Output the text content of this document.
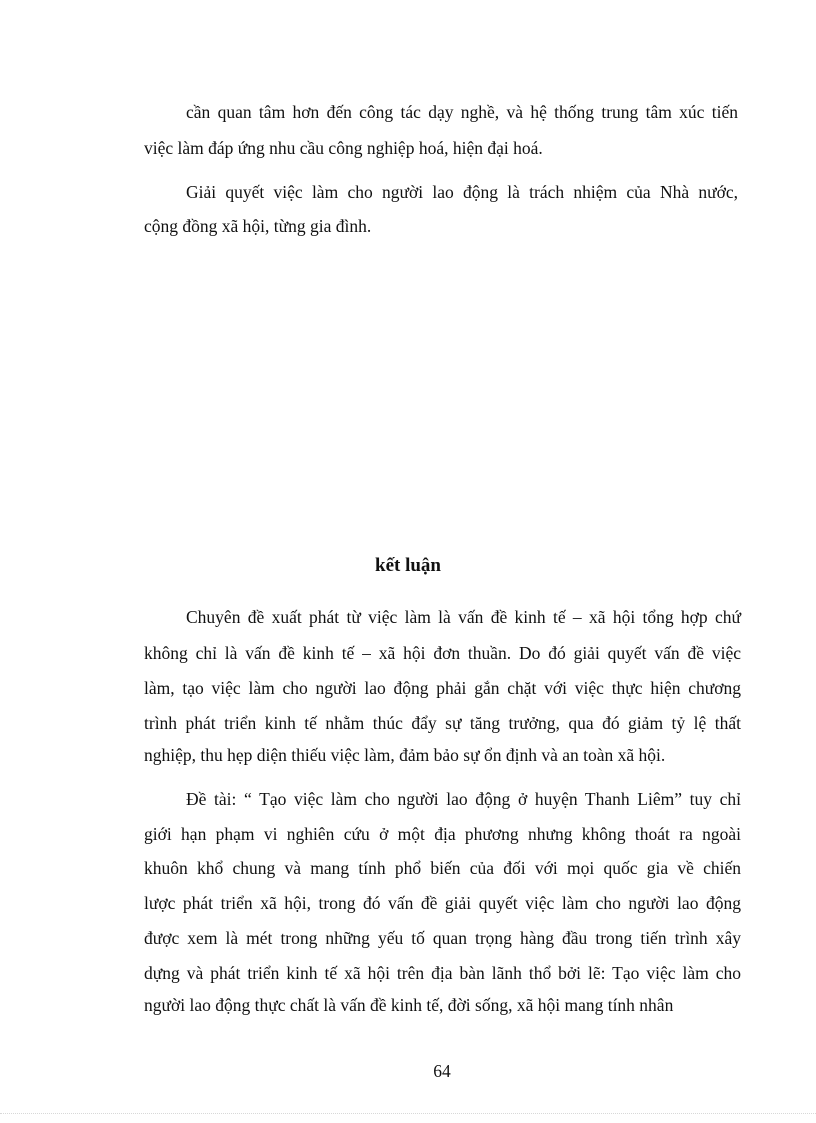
cần quan tâm hơn đến công tác dạy nghề, và hệ thống trung tâm xúc tiến
việc làm đáp ứng nhu cầu công nghiệp hoá, hiện đại hoá.
Giải quyết việc làm cho người lao động là trách nhiệm của Nhà nước,
cộng đồng xã hội, từng gia đình.
kết luận
Chuyên đề xuất phát từ việc làm là vấn đề kinh tế – xã hội tổng hợp chứ
không chỉ là vấn đề kinh tế – xã hội đơn thuần. Do đó giải quyết vấn đề việc
làm, tạo việc làm cho người lao động phải gắn chặt với việc thực hiện chương
trình phát triển kinh tế nhằm thúc đẩy sự tăng trưởng, qua đó giảm tỷ lệ thất
nghiệp, thu hẹp diện thiếu việc làm, đảm bảo sự ổn định và an toàn xã hội.
Đề tài: “ Tạo việc làm cho người lao động ở huyện Thanh Liêm” tuy chỉ
giới hạn phạm vi nghiên cứu ở một địa phương nhưng không thoát ra ngoài
khuôn khổ chung và mang tính phổ biến của đối với mọi quốc gia về chiến
lược phát triển xã hội, trong đó vấn đề giải quyết việc làm cho người lao động
được xem là mét trong những yếu tố quan trọng hàng đầu trong tiến trình xây
dựng và phát triển kinh tế xã hội trên địa bàn lãnh thổ bởi lẽ: Tạo việc làm cho
người lao động thực chất là vấn đề kinh tế, đời sống, xã hội mang tính nhân
64
